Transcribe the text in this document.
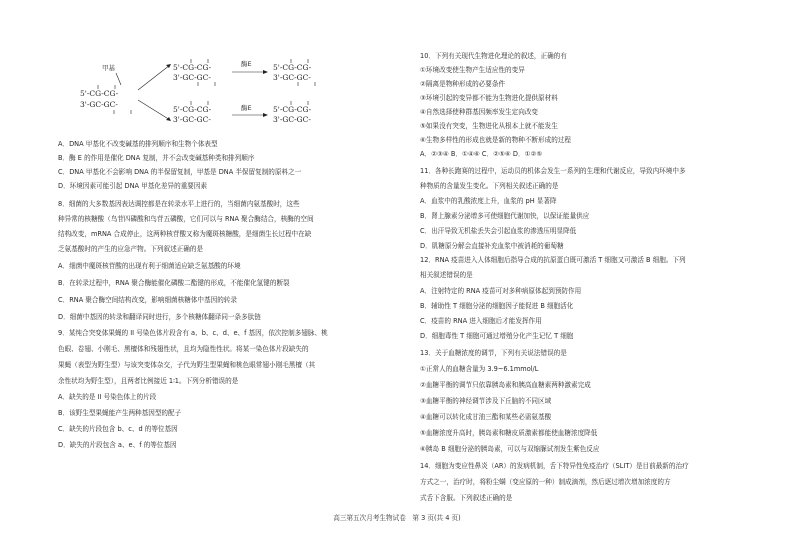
甲基
5'-CG-CG-
3'-GC-GC-
5'-CG-CG-
3'-GC-GC-
酶E	5'-CG-CG-
3'-GC-GC-
5'-CG-CG-
3'-GC-GC-
酶E	5'-CG-CG-
3'-GC-GC-
A．DNA 甲基化不改变碱基的排列顺序和生物个体表型
B．酶 E 的作用是催化 DNA 复制，并不会改变碱基种类和排列顺序
C．DNA 甲基化不会影响 DNA 的半保留复制，甲基是 DNA 半保留复制的原料之一
D．环境因素可能引起 DNA 甲基化差异的重要因素
8．细菌的大多数基因表达调控都是在转录水平上进行的，当细菌内氨基酸时，这些
种异常的核糖酸（鸟苷四磷酸和鸟苷五磷酸，它们可以与 RNA 聚合酶结合，核酶的空间
结构改变，mRNA 合成停止，这两种核苷酸又称为魔斑核糖酸，是细菌生长过程中在缺
乏氨基酸时的产生的应急产物。下列叙述正确的是
A．细菌中魔斑核苷酸的出现有利于细菌适应缺乏氨基酸的环境
B．在转录过程中，RNA 聚合酶能催化磷酸二酯键的形成，不能催化氢键的断裂
C．RNA 聚合酶空间结构改变，影响细菌核糖体中基因的转录
D．细菌中基因的转录和翻译同时进行，多个核糖体翻译同一条多肽链
9．某纯合突变体果蝇的 II 号染色体片段含有 a、b、c、d、e、f 基因，依次控制多翅脉、桃
色眼、卷翅、小刚毛、黑檀体和残翅性状，且均为隐性性状。将某一染色体片段缺失的
果蝇（表型为野生型）与该突变体杂交，子代为野生型果蝇和桃色眼常翅小刚毛黑檀（其
余性状均为野生型），且两者比例接近 1∶1。下列分析错误的是
A．缺失的是 II 号染色体上的片段
B．该野生型果蝇能产生两种基因型的配子
C．缺失的片段包含 b、c、d 的等位基因
D．缺失的片段包含 a、e、f 的等位基因
10．下列有关现代生物进化理论的叙述，正确的有
①环境改变使生物产生适应性的变异
②隔离是物种形成的必要条件
③环境引起的变异都不能为生物进化提供原材料
④自然选择使种群基因频率发生定向改变
⑤如果没有突变，生物进化从根本上就不能发生
⑥生物多样性的形成也就是新的物种不断形成的过程
A．②③④ B．①④⑥ C．②⑤⑥ D．①②⑤
11．各种长跑赛的过程中，运动员的机体会发生一系列的生理和代谢反应，导致内环境中多
种物质的含量发生变化。下列相关叙述正确的是
A．血浆中的乳酸浓度上升，血浆的 pH 显著降
B．肾上腺素分泌增多可使细胞代谢加快，以保证能量供应
C．出汗导致无机盐丢失会引起血浆的渗透压明显降低
D．肌糖原分解会直接补充血浆中被消耗的葡萄糖
12．RNA 疫苗进入人体细胞后指导合成的抗原蛋白既可激活 T 细胞又可激活 B 细胞。下列
相关叙述错误的是
A．注射特定的 RNA 疫苗可对多种病原体起到预防作用
B．辅助性 T 细胞分泌的细胞因子能促进 B 细胞活化
C．疫苗的 RNA 进入细胞后才能发挥作用
D．细胞毒性 T 细胞可通过增殖分化产生记忆 T 细胞
13．关于血糖浓度的调节，下列有关说法错误的是
①正常人的血糖含量为 3.9~6.1mmol/L
②血糖平衡的调节只依靠胰岛素和胰高血糖素两种激素完成
③血糖平衡的神经调节涉及下丘脑的不同区域
④血糖可以转化成甘油三酯和某些必需氨基酸
⑤血糖浓度升高时，胰岛素和糖皮质激素都能使血糖浓度降低
⑥胰岛 B 细胞分泌的胰岛素，可以与双缩脲试剂发生紫色反应
14．细胞为变应性鼻炎（AR）的发病机制，舌下特异性免疫治疗（SLIT）是目前最新的治疗
方式之一，治疗时，将粉尘螨（变应原的一种）制成滴剂，然后逐过增次增加浓度的方
式舌下含服。下列叙述正确的是
高三第五次月考生物试卷　第 3 页(共 4 页)
